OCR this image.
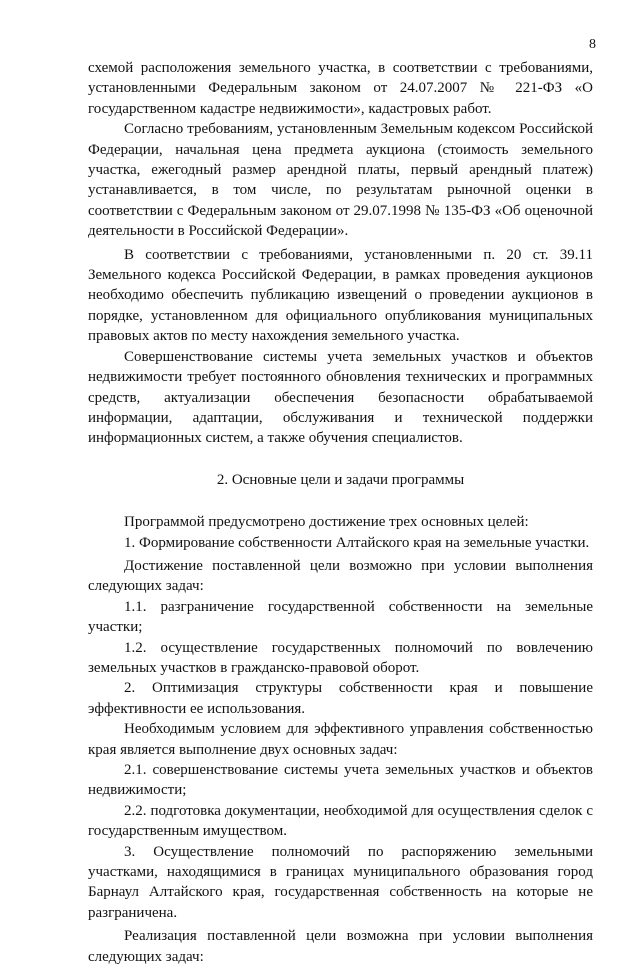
8

схемой расположения земельного участка, в соответствии с требованиями, установленными Федеральным законом от 24.07.2007 № 221-ФЗ «О государственном кадастре недвижимости», кадастровых работ.

Согласно требованиям, установленным Земельным кодексом Российской Федерации, начальная цена предмета аукциона (стоимость земельного участка, ежегодный размер арендной платы, первый арендный платеж) устанавливается, в том числе, по результатам рыночной оценки в соответствии с Федеральным законом от 29.07.1998 № 135-ФЗ «Об оценочной деятельности в Российской Федерации».

В соответствии с требованиями, установленными п. 20 ст. 39.11 Земельного кодекса Российской Федерации, в рамках проведения аукционов необходимо обеспечить публикацию извещений о проведении аукционов в порядке, установленном для официального опубликования муниципальных правовых актов по месту нахождения земельного участка.

Совершенствование системы учета земельных участков и объектов недвижимости требует постоянного обновления технических и программных средств, актуализации обеспечения безопасности обрабатываемой информации, адаптации, обслуживания и технической поддержки информационных систем, а также обучения специалистов.

2. Основные цели и задачи программы

Программой предусмотрено достижение трех основных целей:

1. Формирование собственности Алтайского края на земельные участки.

Достижение поставленной цели возможно при условии выполнения следующих задач:

1.1. разграничение государственной собственности на земельные участки;

1.2. осуществление государственных полномочий по вовлечению земельных участков в гражданско-правовой оборот.

2. Оптимизация структуры собственности края и повышение эффективности ее использования.

Необходимым условием для эффективного управления собственностью края является выполнение двух основных задач:

2.1. совершенствование системы учета земельных участков и объектов недвижимости;

2.2. подготовка документации, необходимой для осуществления сделок с государственным имуществом.

3. Осуществление полномочий по распоряжению земельными участками, находящимися в границах муниципального образования город Барнаул Алтайского края, государственная собственность на которые не разграничена.

Реализация поставленной цели возможна при условии выполнения следующих задач:
